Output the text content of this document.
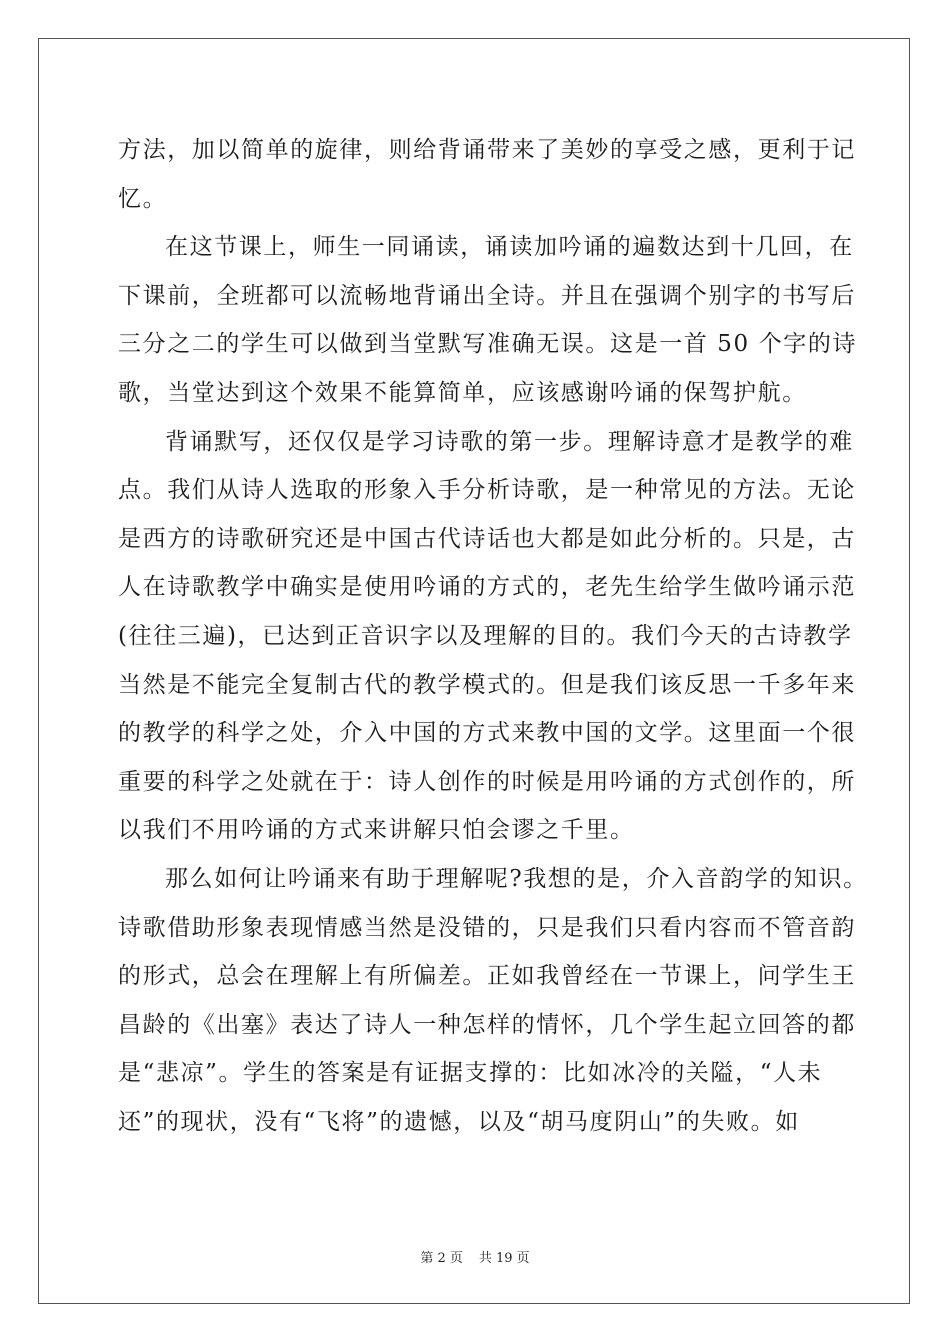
方法，加以简单的旋律，则给背诵带来了美妙的享受之感，更利于记
忆。
在这节课上，师生一同诵读，诵读加吟诵的遍数达到十几回，在
下课前，全班都可以流畅地背诵出全诗。并且在强调个别字的书写后
三分之二的学生可以做到当堂默写准确无误。这是一首 50 个字的诗
歌，当堂达到这个效果不能算简单，应该感谢吟诵的保驾护航。
背诵默写，还仅仅是学习诗歌的第一步。理解诗意才是教学的难
点。我们从诗人选取的形象入手分析诗歌，是一种常见的方法。无论
是西方的诗歌研究还是中国古代诗话也大都是如此分析的。只是，古
人在诗歌教学中确实是使用吟诵的方式的，老先生给学生做吟诵示范
(往往三遍)，已达到正音识字以及理解的目的。我们今天的古诗教学
当然是不能完全复制古代的教学模式的。但是我们该反思一千多年来
的教学的科学之处，介入中国的方式来教中国的文学。这里面一个很
重要的科学之处就在于：诗人创作的时候是用吟诵的方式创作的，所
以我们不用吟诵的方式来讲解只怕会谬之千里。
那么如何让吟诵来有助于理解呢?我想的是，介入音韵学的知识。
诗歌借助形象表现情感当然是没错的，只是我们只看内容而不管音韵
的形式，总会在理解上有所偏差。正如我曾经在一节课上，问学生王
昌龄的《出塞》表达了诗人一种怎样的情怀，几个学生起立回答的都
是“悲凉”。学生的答案是有证据支撑的：比如冰冷的关隘，“人未
还”的现状，没有“飞将”的遗憾，以及“胡马度阴山”的失败。如
第 2 页 共 19 页
